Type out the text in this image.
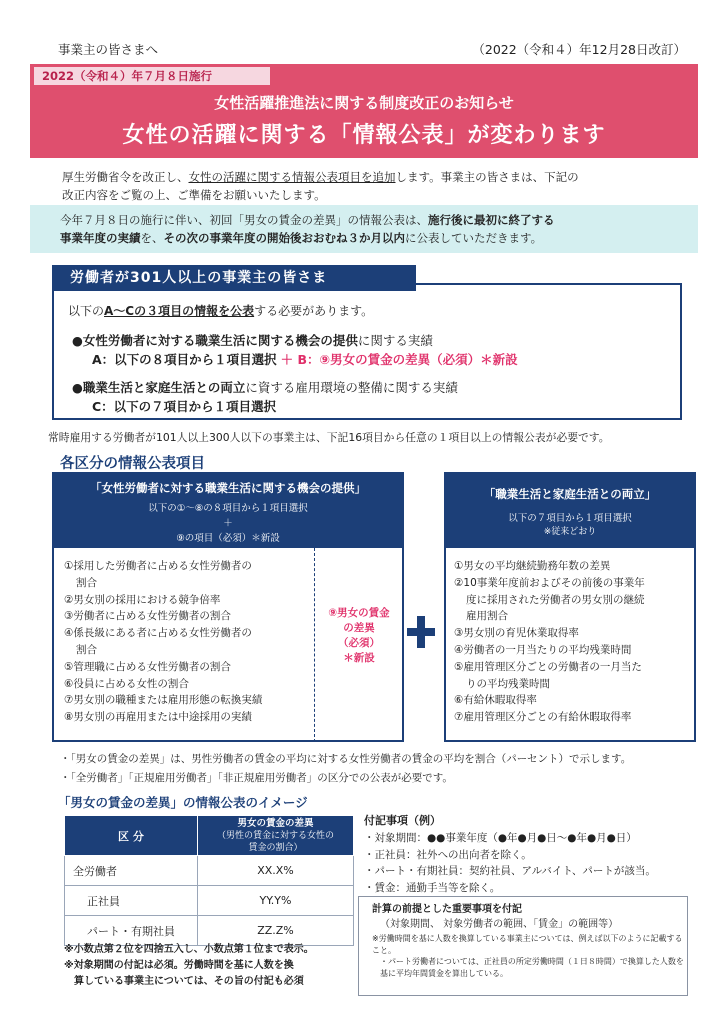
事業主の皆さまへ	（2022（令和４）年12月28日改訂）
2022（令和４）年７月８日施行
女性活躍推進法に関する制度改正のお知らせ
女性の活躍に関する「情報公表」が変わります
厚生労働省令を改正し、女性の活躍に関する情報公表項目を追加します。事業主の皆さまは、下記の
改正内容をご覧の上、ご準備をお願いいたします。
今年７月８日の施行に伴い、初回「男女の賃金の差異」の情報公表は、施行後に最初に終了する
事業年度の実績を、その次の事業年度の開始後おおむね３か月以内に公表していただきます。
労働者が301人以上の事業主の皆さま
以下のA～Cの３項目の情報を公表する必要があります。
●女性労働者に対する職業生活に関する機会の提供に関する実績
A：以下の８項目から１項目選択 ＋ B：⑨男女の賃金の差異（必須）＊新設
●職業生活と家庭生活との両立に資する雇用環境の整備に関する実績
C：以下の７項目から１項目選択
常時雇用する労働者が101人以上300人以下の事業主は、下記16項目から任意の１項目以上の情報公表が必要です。
各区分の情報公表項目
「女性労働者に対する職業生活に関する機会の提供」
以下の①～⑧の８項目から１項目選択
＋
⑨の項目（必須）＊新設
①採用した労働者に占める女性労働者の
割合
②男女別の採用における競争倍率
③労働者に占める女性労働者の割合
④係長級にある者に占める女性労働者の
割合
⑤管理職に占める女性労働者の割合
⑥役員に占める女性の割合
⑦男女別の職種または雇用形態の転換実績
⑧男女別の再雇用または中途採用の実績
⑨男女の賃金
の差異
（必須）
＊新設
「職業生活と家庭生活との両立」
以下の７項目から１項目選択
※従来どおり
①男女の平均継続勤務年数の差異
②10事業年度前およびその前後の事業年
度に採用された労働者の男女別の継続
雇用割合
③男女別の育児休業取得率
④労働者の一月当たりの平均残業時間
⑤雇用管理区分ごとの労働者の一月当た
りの平均残業時間
⑥有給休暇取得率
⑦雇用管理区分ごとの有給休暇取得率
・「男女の賃金の差異」は、男性労働者の賃金の平均に対する女性労働者の賃金の平均を割合（パーセント）で示します。
・「全労働者」「正規雇用労働者」「非正規雇用労働者」の区分での公表が必要です。
「男女の賃金の差異」の情報公表のイメージ
区 分	男女の賃金の差異
（男性の賃金に対する女性の
賃金の割合）

全労働者	XX.X%
正社員	YY.Y%
パート・有期社員	ZZ.Z%
※小数点第２位を四捨五入し、小数点第１位まで表示。
※対象期間の付記は必須。労働時間を基に人数を換
　算している事業主については、その旨の付記も必須
付記事項（例）
・対象期間：●●事業年度（●年●月●日～●年●月●日）
・正社員：社外への出向者を除く。
・パート・有期社員：契約社員、アルバイト、パートが該当。
・賃金：通勤手当等を除く。
計算の前提とした重要事項を付記
（対象期間、 対象労働者の範囲、「賃金」の範囲等）
※労働時間を基に人数を換算している事業主については、例えば以下のように記載すること。
・パート労働者については、正社員の所定労働時間（１日８時間）で換算した人数を基に平均年間賃金を算出している。
